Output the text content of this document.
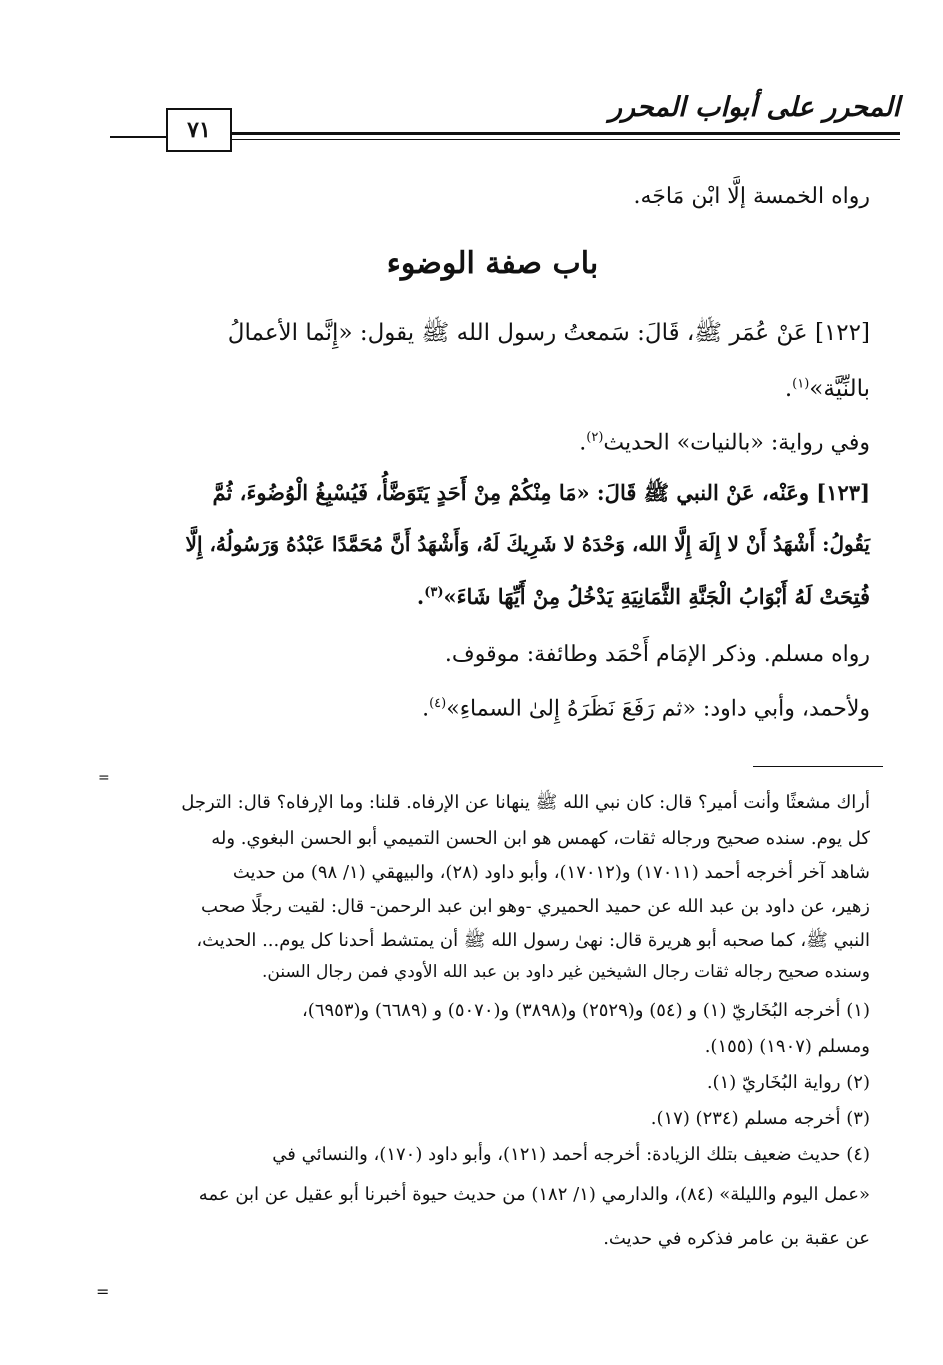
٧١
المحرر على أبواب المحرر
رواه الخمسة إلَّا ابْن مَاجَه.
باب صفة الوضوء
[١٢٢] عَنْ عُمَر ﷺ، قَالَ: سَمعتُ رسول الله ﷺ يقول: «إِنَّما الأعمالُ
بالنِّيَّة»$^{(١)}$.
وفي رواية: «بالنيات» الحديث$^{(٢)}$.
[١٢٣] وعَنْه، عَنْ النبي ﷺ قَالَ: «مَا مِنْكُمْ مِنْ أَحَدٍ يَتَوَضَّأُ، فَيُسْبِغُ الْوُضُوءَ، ثُمَّ
يَقُولُ: أَشْهَدُ أَنْ لا إِلَهَ إِلَّا الله، وَحْدَهُ لا شَرِيكَ لَهُ، وَأَشْهَدُ أَنَّ مُحَمَّدًا عَبْدُهُ وَرَسُولُهُ، إِلَّا
فُتِحَتْ لَهُ أَبْوَابُ الْجَنَّةِ الثَّمَانِيَةِ يَدْخُلُ مِنْ أَيِّهَا شَاءَ»$^{(٣)}$.
رواه مسلم. وذكر الإمَام أَحْمَد وطائفة: موقوف.
ولأحمد، وأبي داود: «ثم رَفَعَ نَظَرَهُ إِلىٰ السماءِ»$^{(٤)}$.
=
أراك مشعثًا وأنت أمير؟ قال: كان نبي الله ﷺ ينهانا عن الإرفاه. قلنا: وما الإرفاه؟ قال: الترجل
كل يوم. سنده صحيح ورجاله ثقات، كهمس هو ابن الحسن التميمي أبو الحسن البغوي. وله
شاهد آخر أخرجه أحمد (١٧٠١١) و(١٧٠١٢)، وأبو داود (٢٨)، والبيهقي (١/ ٩٨) من حديث
زهير، عن داود بن عبد الله عن حميد الحميري -وهو ابن عبد الرحمن- قال: لقيت رجلًا صحب
النبي ﷺ، كما صحبه أبو هريرة قال: نهىٰ رسول الله ﷺ أن يمتشط أحدنا كل يوم... الحديث،
وسنده صحيح رجاله ثقات رجال الشيخين غير داود بن عبد الله الأودي فمن رجال السنن.
(١) أخرجه البُخَاريّ (١) و (٥٤) و(٢٥٢٩) و(٣٨٩٨) و(٥٠٧٠) و (٦٦٨٩) و(٦٩٥٣)،
ومسلم (١٩٠٧) (١٥٥).
(٢) رواية البُخَاريّ (١).
(٣) أخرجه مسلم (٢٣٤) (١٧).
(٤) حديث ضعيف بتلك الزيادة: أخرجه أحمد (١٢١)، وأبو داود (١٧٠)، والنسائي في
«عمل اليوم والليلة» (٨٤)، والدارمي (١/ ١٨٢) من حديث حيوة أخبرنا أبو عقيل عن ابن عمه
عن عقبة بن عامر فذكره في حديث.
=
